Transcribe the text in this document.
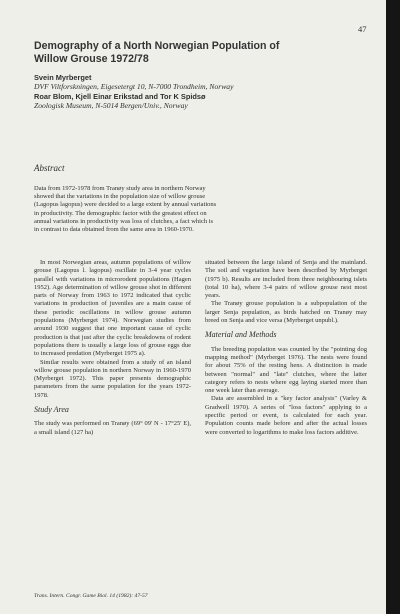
47
Demography of a North Norwegian Population of
Willow Grouse 1972/78
Svein Myrberget
DVF Viltforskningen, Eigesetergt 10, N-7000 Trondheim, Norway
Roar Blom, Kjell Einar Erikstad and Tor K Spidsø
Zoologisk Museum, N-5014 Bergen/Univ., Norway
Abstract
Data from 1972-1978 from Tranøy study area in northern Norway
showed that the variations in the population size of willow grouse
(Lagopus lagopus) were decided to a large extent by annual variations
in productivity. The demographic factor with the greatest effect on
annual variations in productivity was loss of clutches, a fact which is
in contrast to data obtained from the same area in 1960-1970.

In most Norwegian areas, autumn populations of willow grouse (Lagopus l. lagopus) oscillate in 3-4 year cycles parallel with variations in microrodent populations (Hagen 1952). Age determination of willow grouse shot in different parts of Norway from 1963 to 1972 indicated that cyclic variations in production of juveniles are a main cause of these periodic oscillations in willow grouse autumn populations (Myrberget 1974). Norwegian studies from around 1930 suggest that one important cause of cyclic production is that just after the cyclic breakdowns of rodent populations there is usually a large loss of grouse eggs due to increased predation (Myrberget 1975 a).

Similar results were obtained from a study of an island willow grouse population in northern Norway in 1960-1970 (Myrberget 1972). This paper presents demographic parameters from the same population for the years 1972-1978.

Study Area

The study was performed on Tranøy (69° 09' N - 17°25' E), a small island (127 ha)

situated between the large island of Senja and the mainland. The soil and vegetation have been described by Myrberget (1975 b). Results are included from three neighbouring islets (total 10 ha), where 3-4 pairs of willow grouse nest most years.

The Tranøy grouse population is a subpopulation of the larger Senja population, as birds hatched on Tranøy may breed on Senja and vice versa (Myrberget unpubl.).

Material and Methods

The breeding population was counted by the "pointing dog mapping method" (Myrberget 1976). The nests were found for about 75% of the resting hens. A distinction is made between "normal" and "late" clutches, where the latter category refers to nests where egg laying started more than one week later than average.

Data are assembled in a "key factor analysis" (Varley & Gradwell 1970). A series of "loss factors" applying to a specific period or event, is calculated for each year. Population counts made before and after the actual losses were converted to logarithms to make loss factors additive.

Trans. Intern. Congr. Game Biol. 14 (1982): 47-57
